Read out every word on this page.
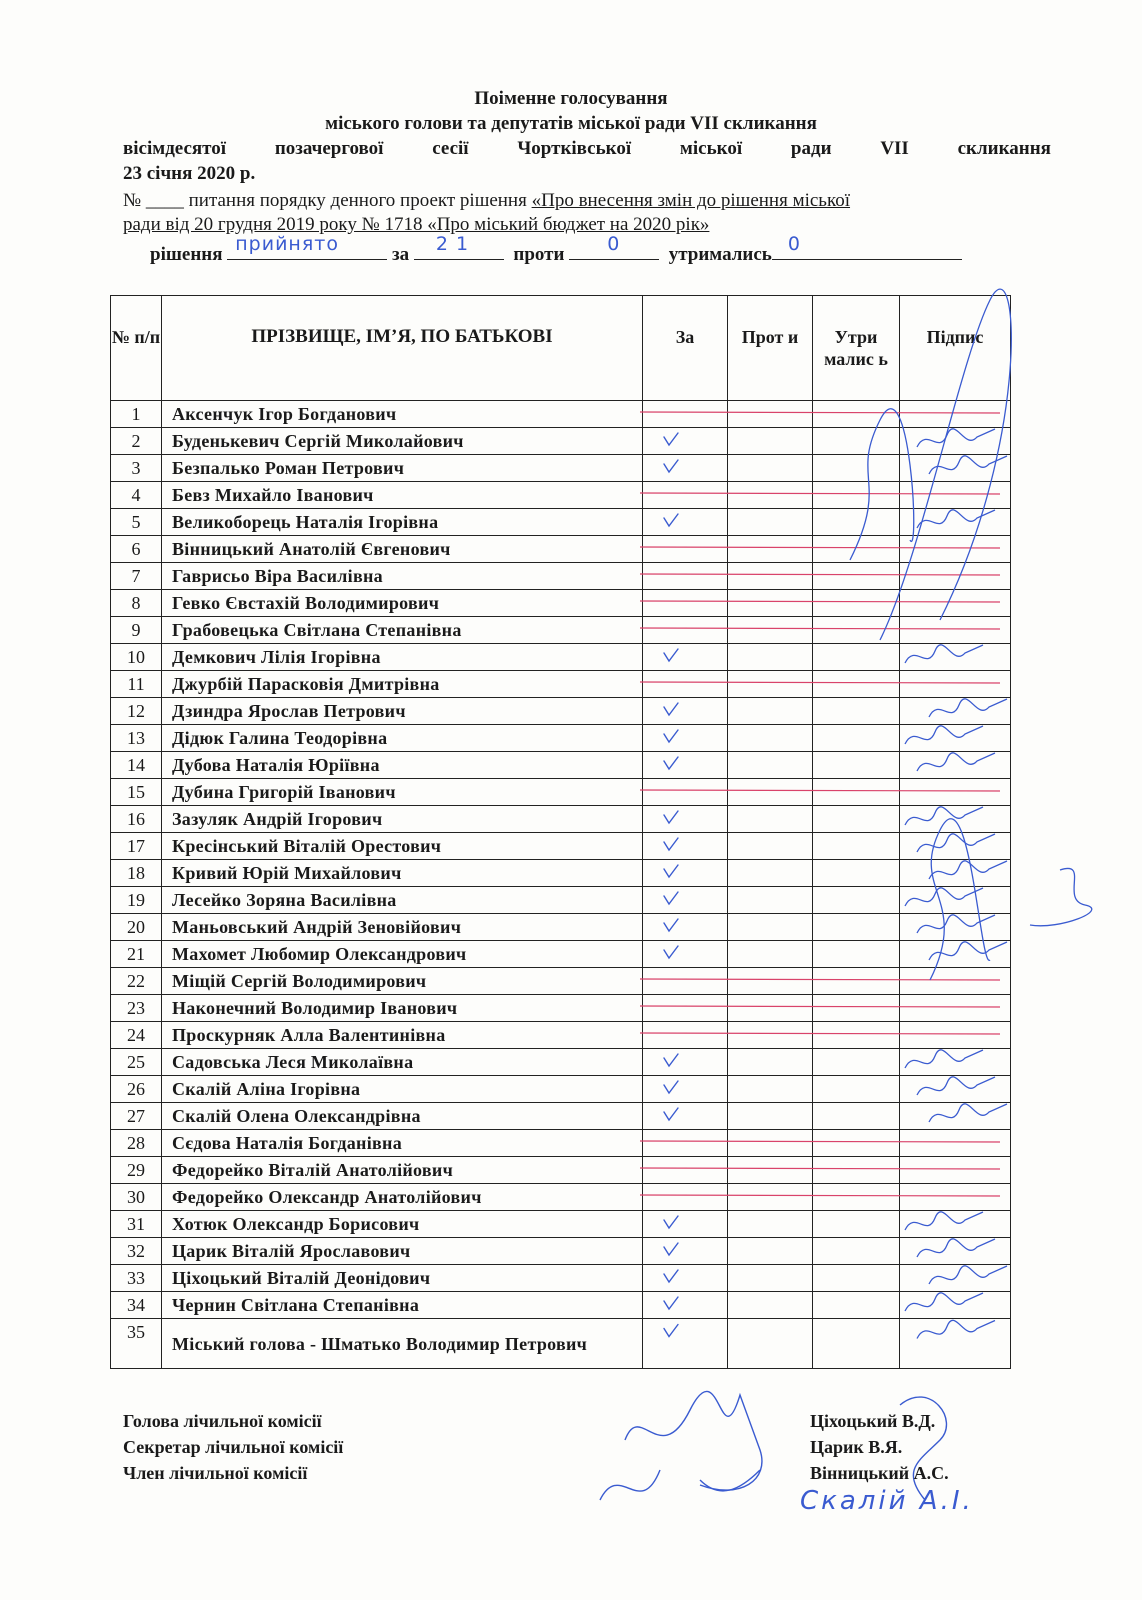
Поіменне голосування
міського голови та депутатів міської ради VII скликання
вісімдесятої	позачергової	сесії	Чортківської	міської	ради	VII	скликання
23 січня 2020 р.
№ ____ питання порядку денного проект рішення «Про внесення змін до рішення міської
ради від 20 грудня 2019 року № 1718 «Про міський бюджет на 2020 рік»
рішення прийнято	за 21 проти 0	утримались 0
№ п/п	ПРІЗВИЩЕ, ІМ’Я, ПО БАТЬКОВІ	За	Прот и	Утри малис ь	Підпис
1	Аксенчук Ігор Богданович				
2	Буденькевич Сергій Миколайович				
3	Безпалько Роман Петрович				
4	Бевз Михайло Іванович				
5	Великоборець Наталія Ігорівна				
6	Вінницький Анатолій Євгенович				
7	Гаврисьо Віра Василівна				
8	Гевко Євстахій Володимирович				
9	Грабовецька Світлана Степанівна				
10	Демкович Лілія Ігорівна				
11	Джурбій Парасковія Дмитрівна				
12	Дзиндра Ярослав Петрович				
13	Дідюк Галина Теодорівна				
14	Дубова Наталія Юріївна				
15	Дубина Григорій Іванович				
16	Зазуляк Андрій Ігорович				
17	Кресінський Віталій Орестович				
18	Кривий Юрій Михайлович				
19	Лесейко Зоряна Василівна				
20	Маньовський Андрій Зеновійович				
21	Махомет Любомир Олександрович				
22	Міщій Сергій Володимирович				
23	Наконечний Володимир Іванович				
24	Проскурняк Алла Валентинівна				
25	Садовська Леся Миколаївна				
26	Скалій Аліна Ігорівна				
27	Скалій Олена Олександрівна				
28	Сєдова Наталія Богданівна				
29	Федорейко Віталій Анатолійович				
30	Федорейко Олександр Анатолійович				
31	Хотюк Олександр Борисович				
32	Царик Віталій Ярославович				
33	Ціхоцький Віталій Деонідович				
34	Чернин Світлана Степанівна				
35	Міський голова - Шматько Володимир Петрович				
Голова лічильної комісії
Секретар лічильної комісії
Член лічильної комісії
Ціхоцький В.Д.
Царик В.Я.
Вінницький А.С.
Скалій А.І.
